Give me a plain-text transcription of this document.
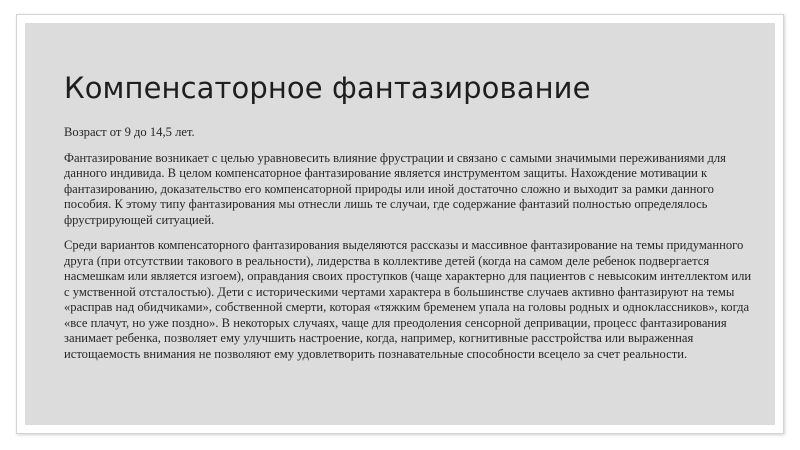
Компенсаторное фантазирование

Возраст от 9 до 14,5 лет.

Фантазирование возникает с целью уравновесить влияние фрустрации и связано с самыми значимыми переживаниями для данного индивида. В целом компенсаторное фантазирование является инструментом защиты. Нахождение мотивации к фантазированию, доказательство его компенсаторной природы или иной достаточно сложно и выходит за рамки данного пособия. К этому типу фантазирования мы отнесли лишь те случаи, где содержание фантазий полностью определялось фрустрирующей ситуацией.

Среди вариантов компенсаторного фантазирования выделяются рассказы и массивное фантазирование на темы придуманного друга (при отсутствии такового в реальности), лидерства в коллективе детей (когда на самом деле ребенок подвергается насмешкам или является изгоем), оправдания своих проступков (чаще характерно для пациентов с невысоким интеллектом или с умственной отсталостью). Дети с историческими чертами характера в большинстве случаев активно фантазируют на темы «расправ над обидчиками», собственной смерти, которая «тяжким бременем упала на головы родных и одноклассников», когда «все плачут, но уже поздно». В некоторых случаях, чаще для преодоления сенсорной депривации, процесс фантазирования занимает ребенка, позволяет ему улучшить настроение, когда, например, когнитивные расстройства или выраженная истощаемость внимания не позволяют ему удовлетворить познавательные способности всецело за счет реальности.
